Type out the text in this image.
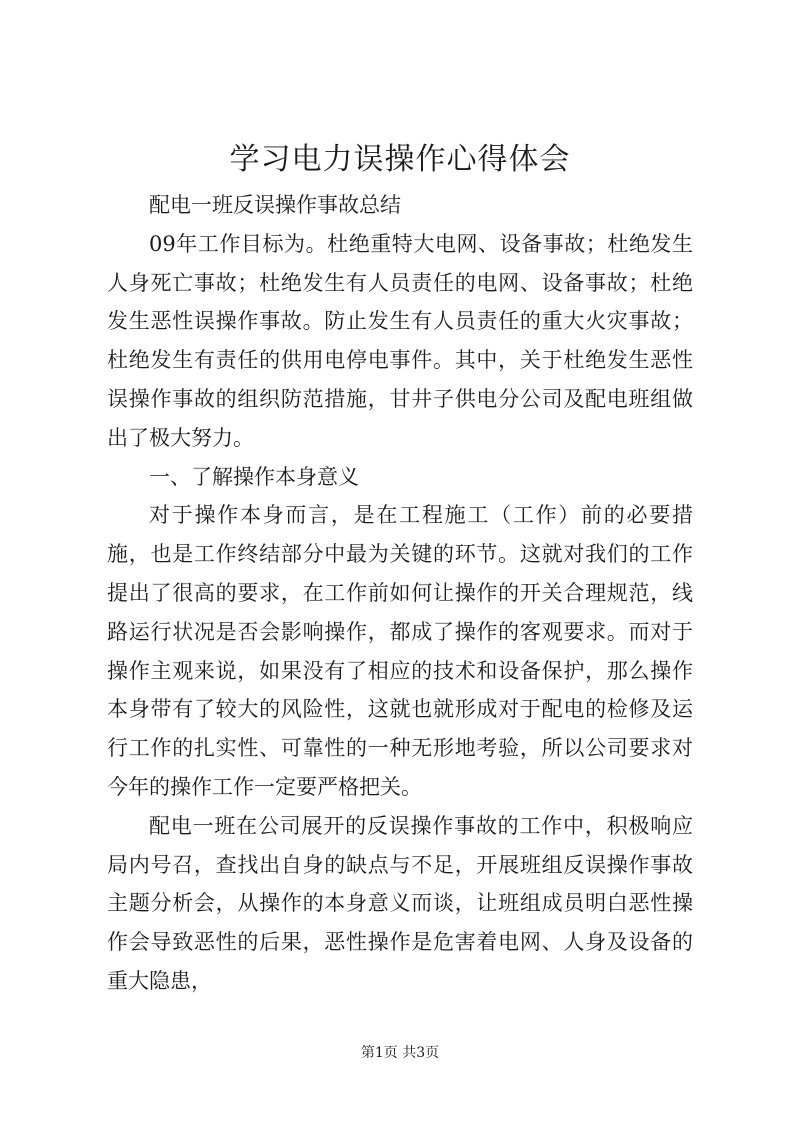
学习电力误操作心得体会

配电一班反误操作事故总结

09年工作目标为。杜绝重特大电网、设备事故；杜绝发生人身死亡事故；杜绝发生有人员责任的电网、设备事故；杜绝发生恶性误操作事故。防止发生有人员责任的重大火灾事故；杜绝发生有责任的供用电停电事件。其中，关于杜绝发生恶性误操作事故的组织防范措施，甘井子供电分公司及配电班组做出了极大努力。

一、了解操作本身意义

对于操作本身而言，是在工程施工（工作）前的必要措施，也是工作终结部分中最为关键的环节。这就对我们的工作提出了很高的要求，在工作前如何让操作的开关合理规范，线路运行状况是否会影响操作，都成了操作的客观要求。而对于操作主观来说，如果没有了相应的技术和设备保护，那么操作本身带有了较大的风险性，这就也就形成对于配电的检修及运行工作的扎实性、可靠性的一种无形地考验，所以公司要求对今年的操作工作一定要严格把关。

配电一班在公司展开的反误操作事故的工作中，积极响应局内号召，查找出自身的缺点与不足，开展班组反误操作事故主题分析会，从操作的本身意义而谈，让班组成员明白恶性操作会导致恶性的后果，恶性操作是危害着电网、人身及设备的重大隐患，

第1页 共3页
